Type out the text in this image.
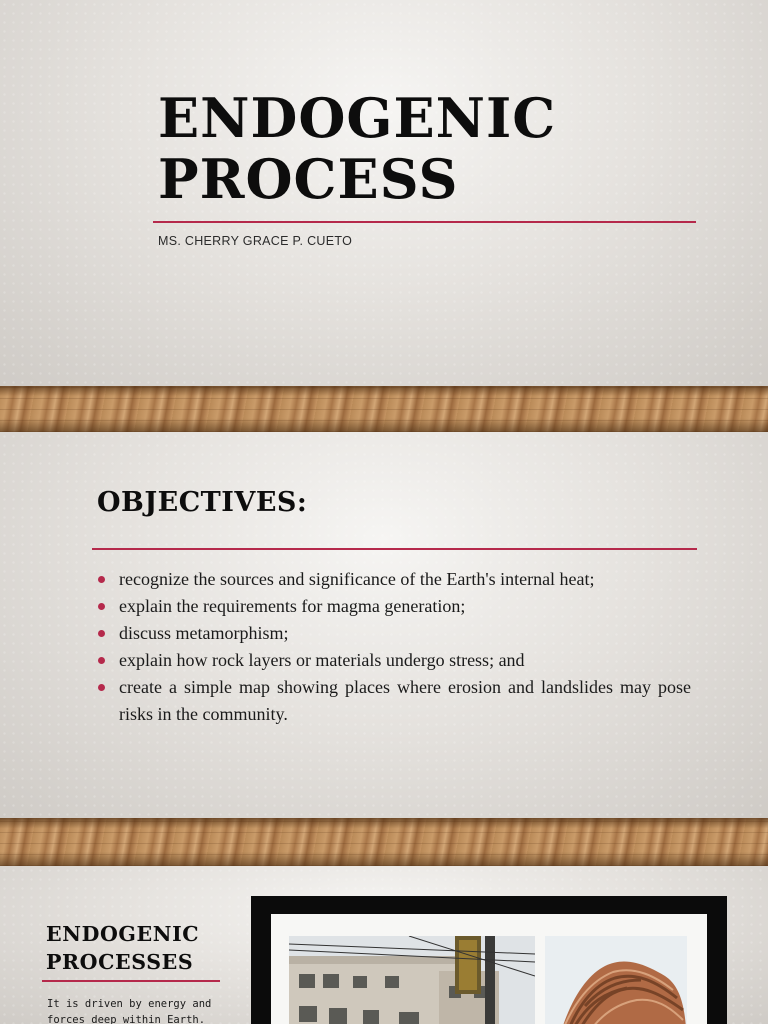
ENDOGENIC
PROCESS
MS. CHERRY GRACE P. CUETO
OBJECTIVES:
recognize the sources and significance of the Earth's internal heat;
explain the requirements for magma generation;
discuss metamorphism;
explain how rock layers or materials undergo stress; and
create a simple map showing places where erosion and landslides may pose risks in the community.
ENDOGENIC
PROCESSES
It is driven by energy and
forces deep within Earth.
